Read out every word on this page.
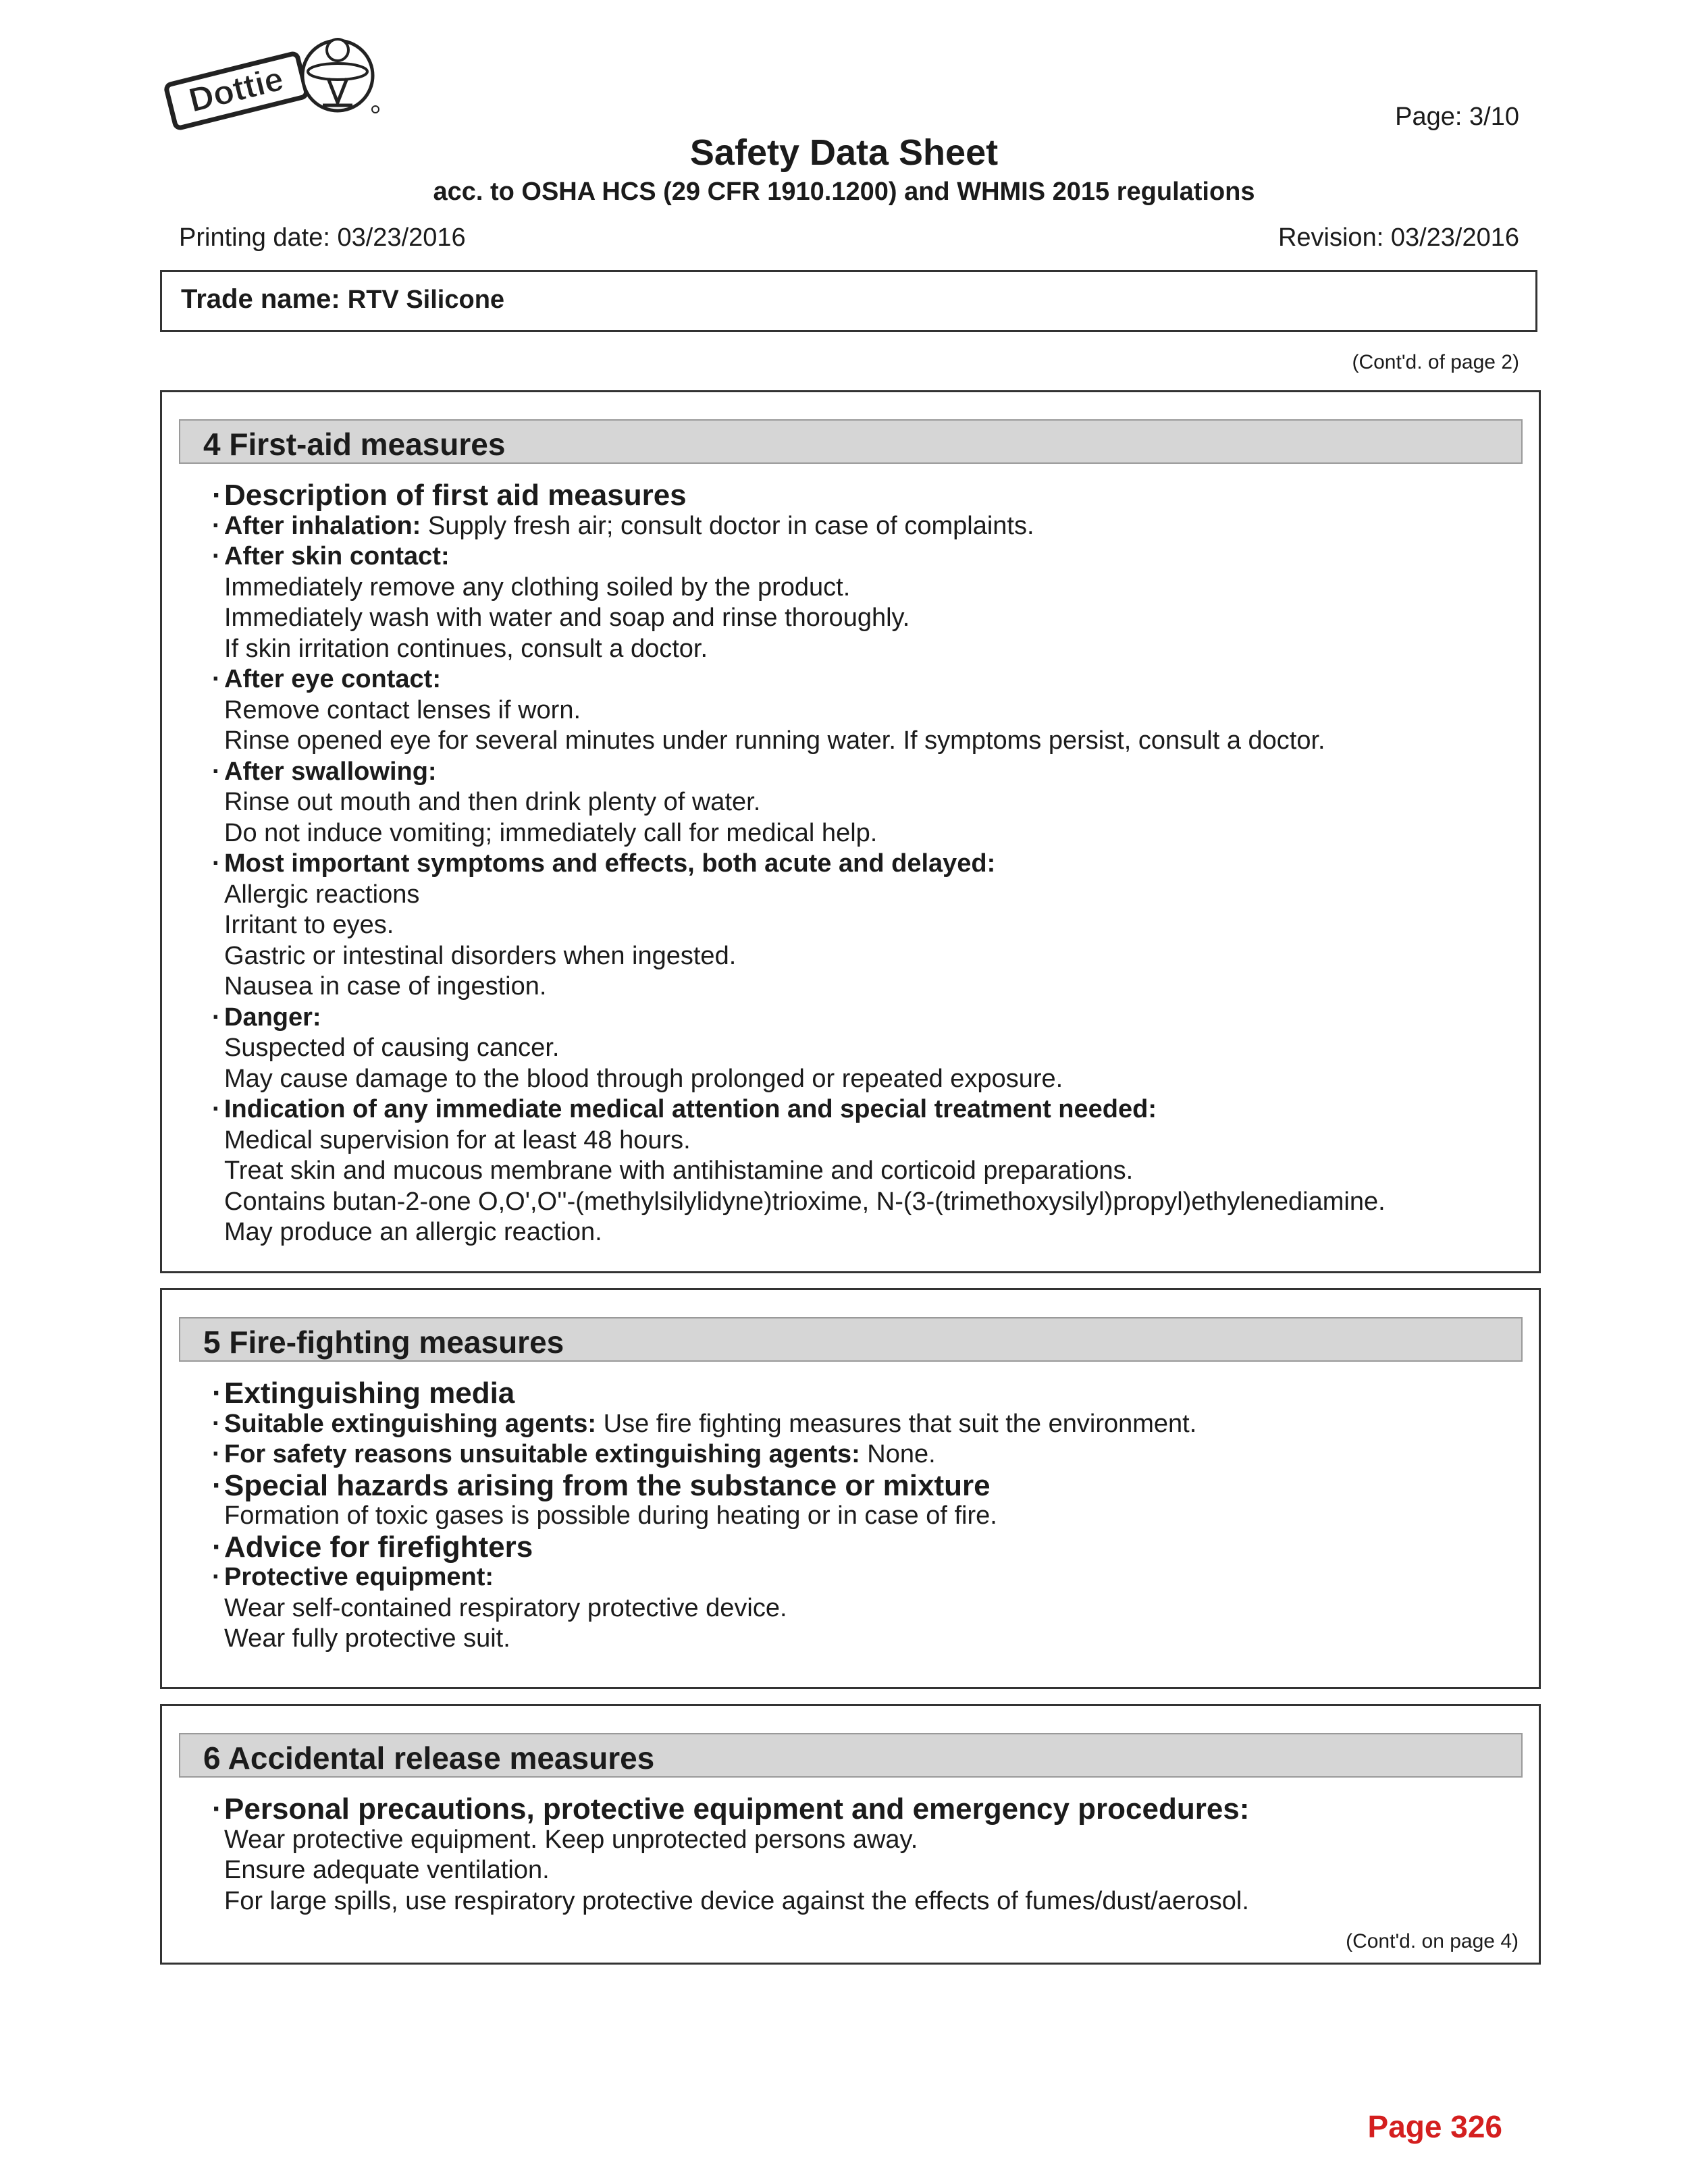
Dottie	Page: 3/10
Safety Data Sheet
acc. to OSHA HCS (29 CFR 1910.1200) and WHMIS 2015 regulations
Printing date: 03/23/2016	Revision: 03/23/2016
Trade name: RTV Silicone
(Cont'd. of page 2)
4 First-aid measures

· Description of first aid measures

· After inhalation: Supply fresh air; consult doctor in case of complaints.

· After skin contact:

Immediately remove any clothing soiled by the product.

Immediately wash with water and soap and rinse thoroughly.

If skin irritation continues, consult a doctor.

· After eye contact:

Remove contact lenses if worn.

Rinse opened eye for several minutes under running water. If symptoms persist, consult a doctor.

· After swallowing:

Rinse out mouth and then drink plenty of water.

Do not induce vomiting; immediately call for medical help.

· Most important symptoms and effects, both acute and delayed:

Allergic reactions

Irritant to eyes.

Gastric or intestinal disorders when ingested.

Nausea in case of ingestion.

· Danger:

Suspected of causing cancer.

May cause damage to the blood through prolonged or repeated exposure.

· Indication of any immediate medical attention and special treatment needed:

Medical supervision for at least 48 hours.

Treat skin and mucous membrane with antihistamine and corticoid preparations.

Contains butan-2-one O,O',O''-(methylsilylidyne)trioxime, N-(3-(trimethoxysilyl)propyl)ethylenediamine.

May produce an allergic reaction.

5 Fire-fighting measures

· Extinguishing media

· Suitable extinguishing agents: Use fire fighting measures that suit the environment.

· For safety reasons unsuitable extinguishing agents: None.

· Special hazards arising from the substance or mixture

Formation of toxic gases is possible during heating or in case of fire.

· Advice for firefighters

· Protective equipment:

Wear self-contained respiratory protective device.

Wear fully protective suit.

6 Accidental release measures

· Personal precautions, protective equipment and emergency procedures:

Wear protective equipment. Keep unprotected persons away.

Ensure adequate ventilation.

For large spills, use respiratory protective device against the effects of fumes/dust/aerosol.

(Cont'd. on page 4)
Page 326
